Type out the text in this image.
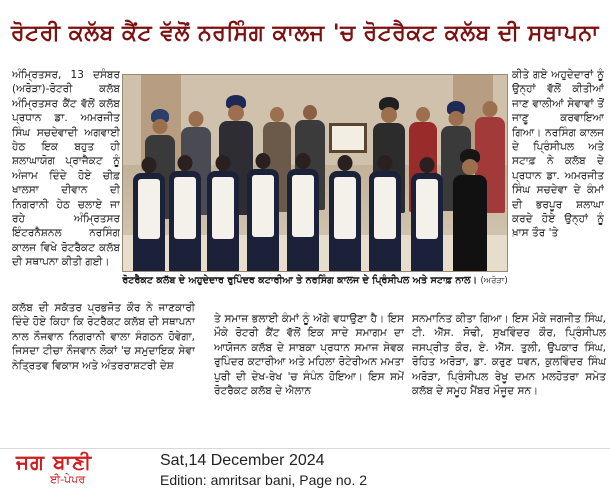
ਰੋਟਰੀ ਕਲੱਬ ਕੈਂਟ ਵੱਲੋਂ ਨਰਸਿੰਗ ਕਾਲਜ 'ਚ ਰੋਟਰੈਕਟ ਕਲੱਬ ਦੀ ਸਥਾਪਨਾ
ਅੰਮ੍ਰਿਤਸਰ, 13 ਦਸੰਬਰ (ਅਰੋੜਾ)-ਰੋਟਰੀ ਕਲੱਬ ਅੰਮ੍ਰਿਤਸਰ ਕੈਂਟ ਵੱਲੋਂ ਕਲੱਬ ਪ੍ਰਧਾਨ ਡਾ. ਅਮਰਜੀਤ ਸਿੰਘ ਸਚਦੇਵਾਦੀ ਅਗਵਾਈ ਹੇਠ ਇਕ ਬਹੁਤ ਹੀ ਸ਼ਲਾਘਾਯੋਗ ਪ੍ਰਾਜੈਕਟ ਨੂੰ ਅੰਜਾਮ ਦਿੰਦੇ ਹੋਏ ਚੀਫ਼ ਖਾਲਸਾ ਦੀਵਾਨ ਦੀ ਨਿਗਰਾਨੀ ਹੇਠ ਚਲਾਏ ਜਾ ਰਹੇ ਅੰਮ੍ਰਿਤਸਰ ਇੰਟਰਨੈਸ਼ਨਲ ਨਰਸਿੰਗ ਕਾਲਜ ਵਿਖੇ ਰੋਟਰੈਕਟ ਕਲੱਬ ਦੀ ਸਥਾਪਨਾ ਕੀਤੀ ਗਈ।
ਰੋਟਰੈਕਟ ਕਲੱਬ ਦੇ ਅਹੁਦੇਦਾਰ ਰੁਪਿੰਦਰ ਕਟਾਰੀਆ ਤੇ ਨਰਸਿੰਗ ਕਾਲਜ ਦੇ ਪ੍ਰਿੰਸੀਪਲ ਅਤੇ ਸਟਾਫ਼ ਨਾਲ। (ਅਰੋੜਾ)
ਕੀਤੇ ਗਏ ਅਹੁਦੇਦਾਰਾਂ ਨੂੰ ਉਨ੍ਹਾਂ ਵੱਲੋਂ ਕੀਤੀਆਂ ਜਾਣ ਵਾਲੀਆਂ ਸੇਵਾਵਾਂ ਤੋਂ ਜਾਣੂ ਕਰਵਾਇਆ ਗਿਆ। ਨਰਸਿੰਗ ਕਾਲਜ ਦੇ ਪ੍ਰਿੰਸੀਪਲ ਅਤੇ ਸਟਾਫ਼ ਨੇ ਕਲੱਬ ਦੇ ਪ੍ਰਧਾਨ ਡਾ. ਅਮਰਜੀਤ ਸਿੰਘ ਸਚਦੇਵਾ ਦੇ ਕੰਮਾਂ ਦੀ ਭਰਪੂਰ ਸ਼ਲਾਘਾ ਕਰਦੇ ਹੋਏ ਉਨ੍ਹਾਂ ਨੂੰ ਖ਼ਾਸ ਤੌਰ 'ਤੇ
ਕਲੱਬ ਦੀ ਸਕੱਤਰ ਪ੍ਰਭਜੋਤ ਕੌਰ ਨੇ ਜਾਣਕਾਰੀ ਦਿੰਦੇ ਹੋਏ ਕਿਹਾ ਕਿ ਰੋਟਰੈਕਟ ਕਲੱਬ ਦੀ ਸਥਾਪਨਾ ਨਾਲ ਨੌਜਵਾਨ ਨਿਗਰਾਨੀ ਵਾਲਾ ਸੰਗਠਨ ਹੋਵੇਗਾ, ਜਿਸਦਾ ਟੀਚਾ ਨੌਜਵਾਨ ਲੋਕਾਂ 'ਚ ਸਮੁਦਾਇਕ ਸੇਵਾ ਨੇਤ੍ਰਿਤਵ ਵਿਕਾਸ ਅਤੇ ਅੰਤਰਰਾਸ਼ਟਰੀ ਦੇਸ਼
ਤੇ ਸਮਾਜ ਭਲਾਈ ਕੰਮਾਂ ਨੂੰ ਅੱਗੇ ਵਧਾਉਣਾ ਹੈ। ਇਸ ਮੌਕੇ ਰੋਟਰੀ ਕੈਂਟ ਵੱਲੋਂ ਇਕ ਸਾਦੇ ਸਮਾਗਮ ਦਾ ਆਯੋਜਨ ਕਲੱਬ ਦੇ ਸਾਬਕਾ ਪ੍ਰਧਾਨ ਸਮਾਜ ਸੇਵਕ ਰੁਪਿੰਦਰ ਕਟਾਰੀਆ ਅਤੇ ਮਹਿਲਾ ਰੋਟੇਰੀਅਨ ਮਮਤਾ ਪੁਰੀ ਦੀ ਦੇਖ-ਰੇਖ 'ਚ ਸੰਪੰਨ ਹੋਇਆ। ਇਸ ਸਮੇਂ ਰੋਟਰੈਕਟ ਕਲੱਬ ਦੇ ਐਲਾਨ
ਸਨਮਾਨਿਤ ਕੀਤਾ ਗਿਆ। ਇਸ ਮੌਕੇ ਜਗਜੀਤ ਸਿੰਘ, ਟੀ. ਐੱਸ. ਸੋਢੀ, ਸੁਖਵਿੰਦਰ ਕੌਰ, ਪ੍ਰਿੰਸੀਪਲ ਜਸਪ੍ਰੀਤ ਕੌਰ, ਏ. ਐੱਸ. ਤੁਲੀ, ਉਪਕਾਰ ਸਿੰਘ, ਰੋਹਿਤ ਅਰੋੜਾ, ਡਾ. ਕਰੁਣ ਧਵਨ, ਕੁਲਵਿੰਦਰ ਸਿੰਘ ਅਰੋੜਾ, ਪ੍ਰਿੰਸੀਪਲ ਰੇਖੂ ਦਮਨ ਮਲਹੋਤਰਾ ਸਮੇਤ ਕਲੱਬ ਦੇ ਸਮੂਹ ਮੈਂਬਰ ਮੌਜੂਦ ਸਨ।
ਜਗ ਬਾਣੀ
ਈ-ਪੇਪਰ
Sat,14 December 2024
Edition: amritsar bani, Page no. 2
